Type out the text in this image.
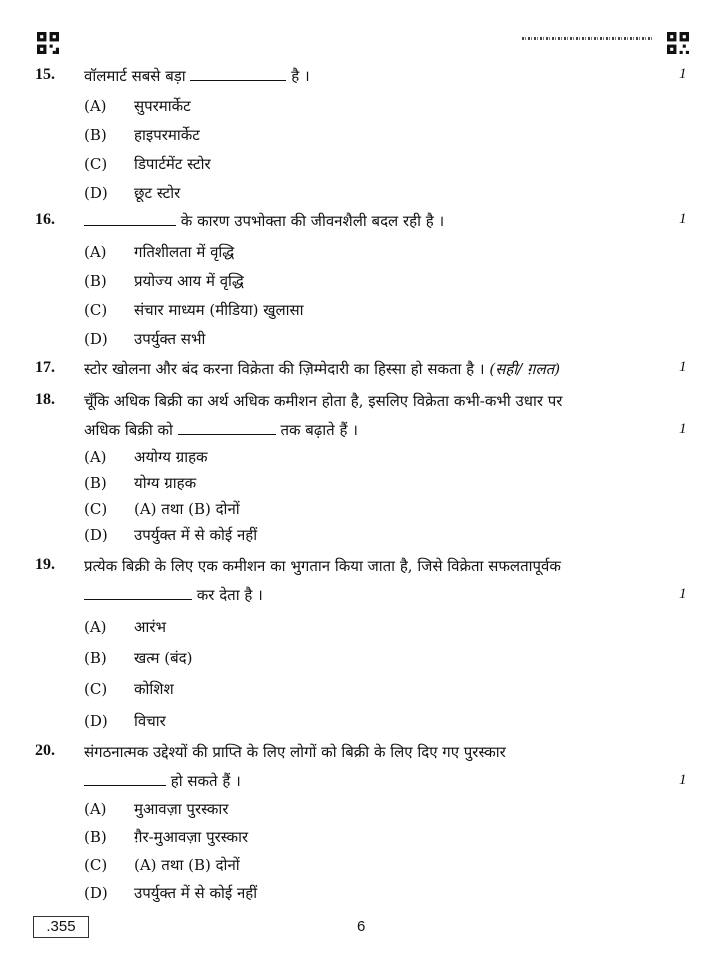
15. वॉलमार्ट सबसे बड़ा	है ।	1
(A) सुपरमार्केट
(B) हाइपरमार्केट
(C) डिपार्टमेंट स्टोर
(D) छूट स्टोर
16.	के कारण उपभोक्ता की जीवनशैली बदल रही है ।	1
(A) गतिशीलता में वृद्धि
(B) प्रयोज्य आय में वृद्धि
(C) संचार माध्यम (मीडिया) खुलासा
(D) उपर्युक्त सभी
17. स्टोर खोलना और बंद करना विक्रेता की ज़िम्मेदारी का हिस्सा हो सकता है । (सही/ ग़लत)	1
18. चूँकि अधिक बिक्री का अर्थ अधिक कमीशन होता है, इसलिए विक्रेता कभी-कभी उधार पर
अधिक बिक्री को	तक बढ़ाते हैं ।	1
(A) अयोग्य ग्राहक
(B) योग्य ग्राहक
(C) (A) तथा (B) दोनों
(D) उपर्युक्त में से कोई नहीं
19. प्रत्येक बिक्री के लिए एक कमीशन का भुगतान किया जाता है, जिसे विक्रेता सफलतापूर्वक
कर देता है ।	1
(A) आरंभ
(B) खत्म (बंद)
(C) कोशिश
(D) विचार
20. संगठनात्मक उद्देश्यों की प्राप्ति के लिए लोगों को बिक्री के लिए दिए गए पुरस्कार
हो सकते हैं ।	1
(A) मुआवज़ा पुरस्कार
(B) ग़ैर-मुआवज़ा पुरस्कार
(C) (A) तथा (B) दोनों
(D) उपर्युक्त में से कोई नहीं
.355	6
